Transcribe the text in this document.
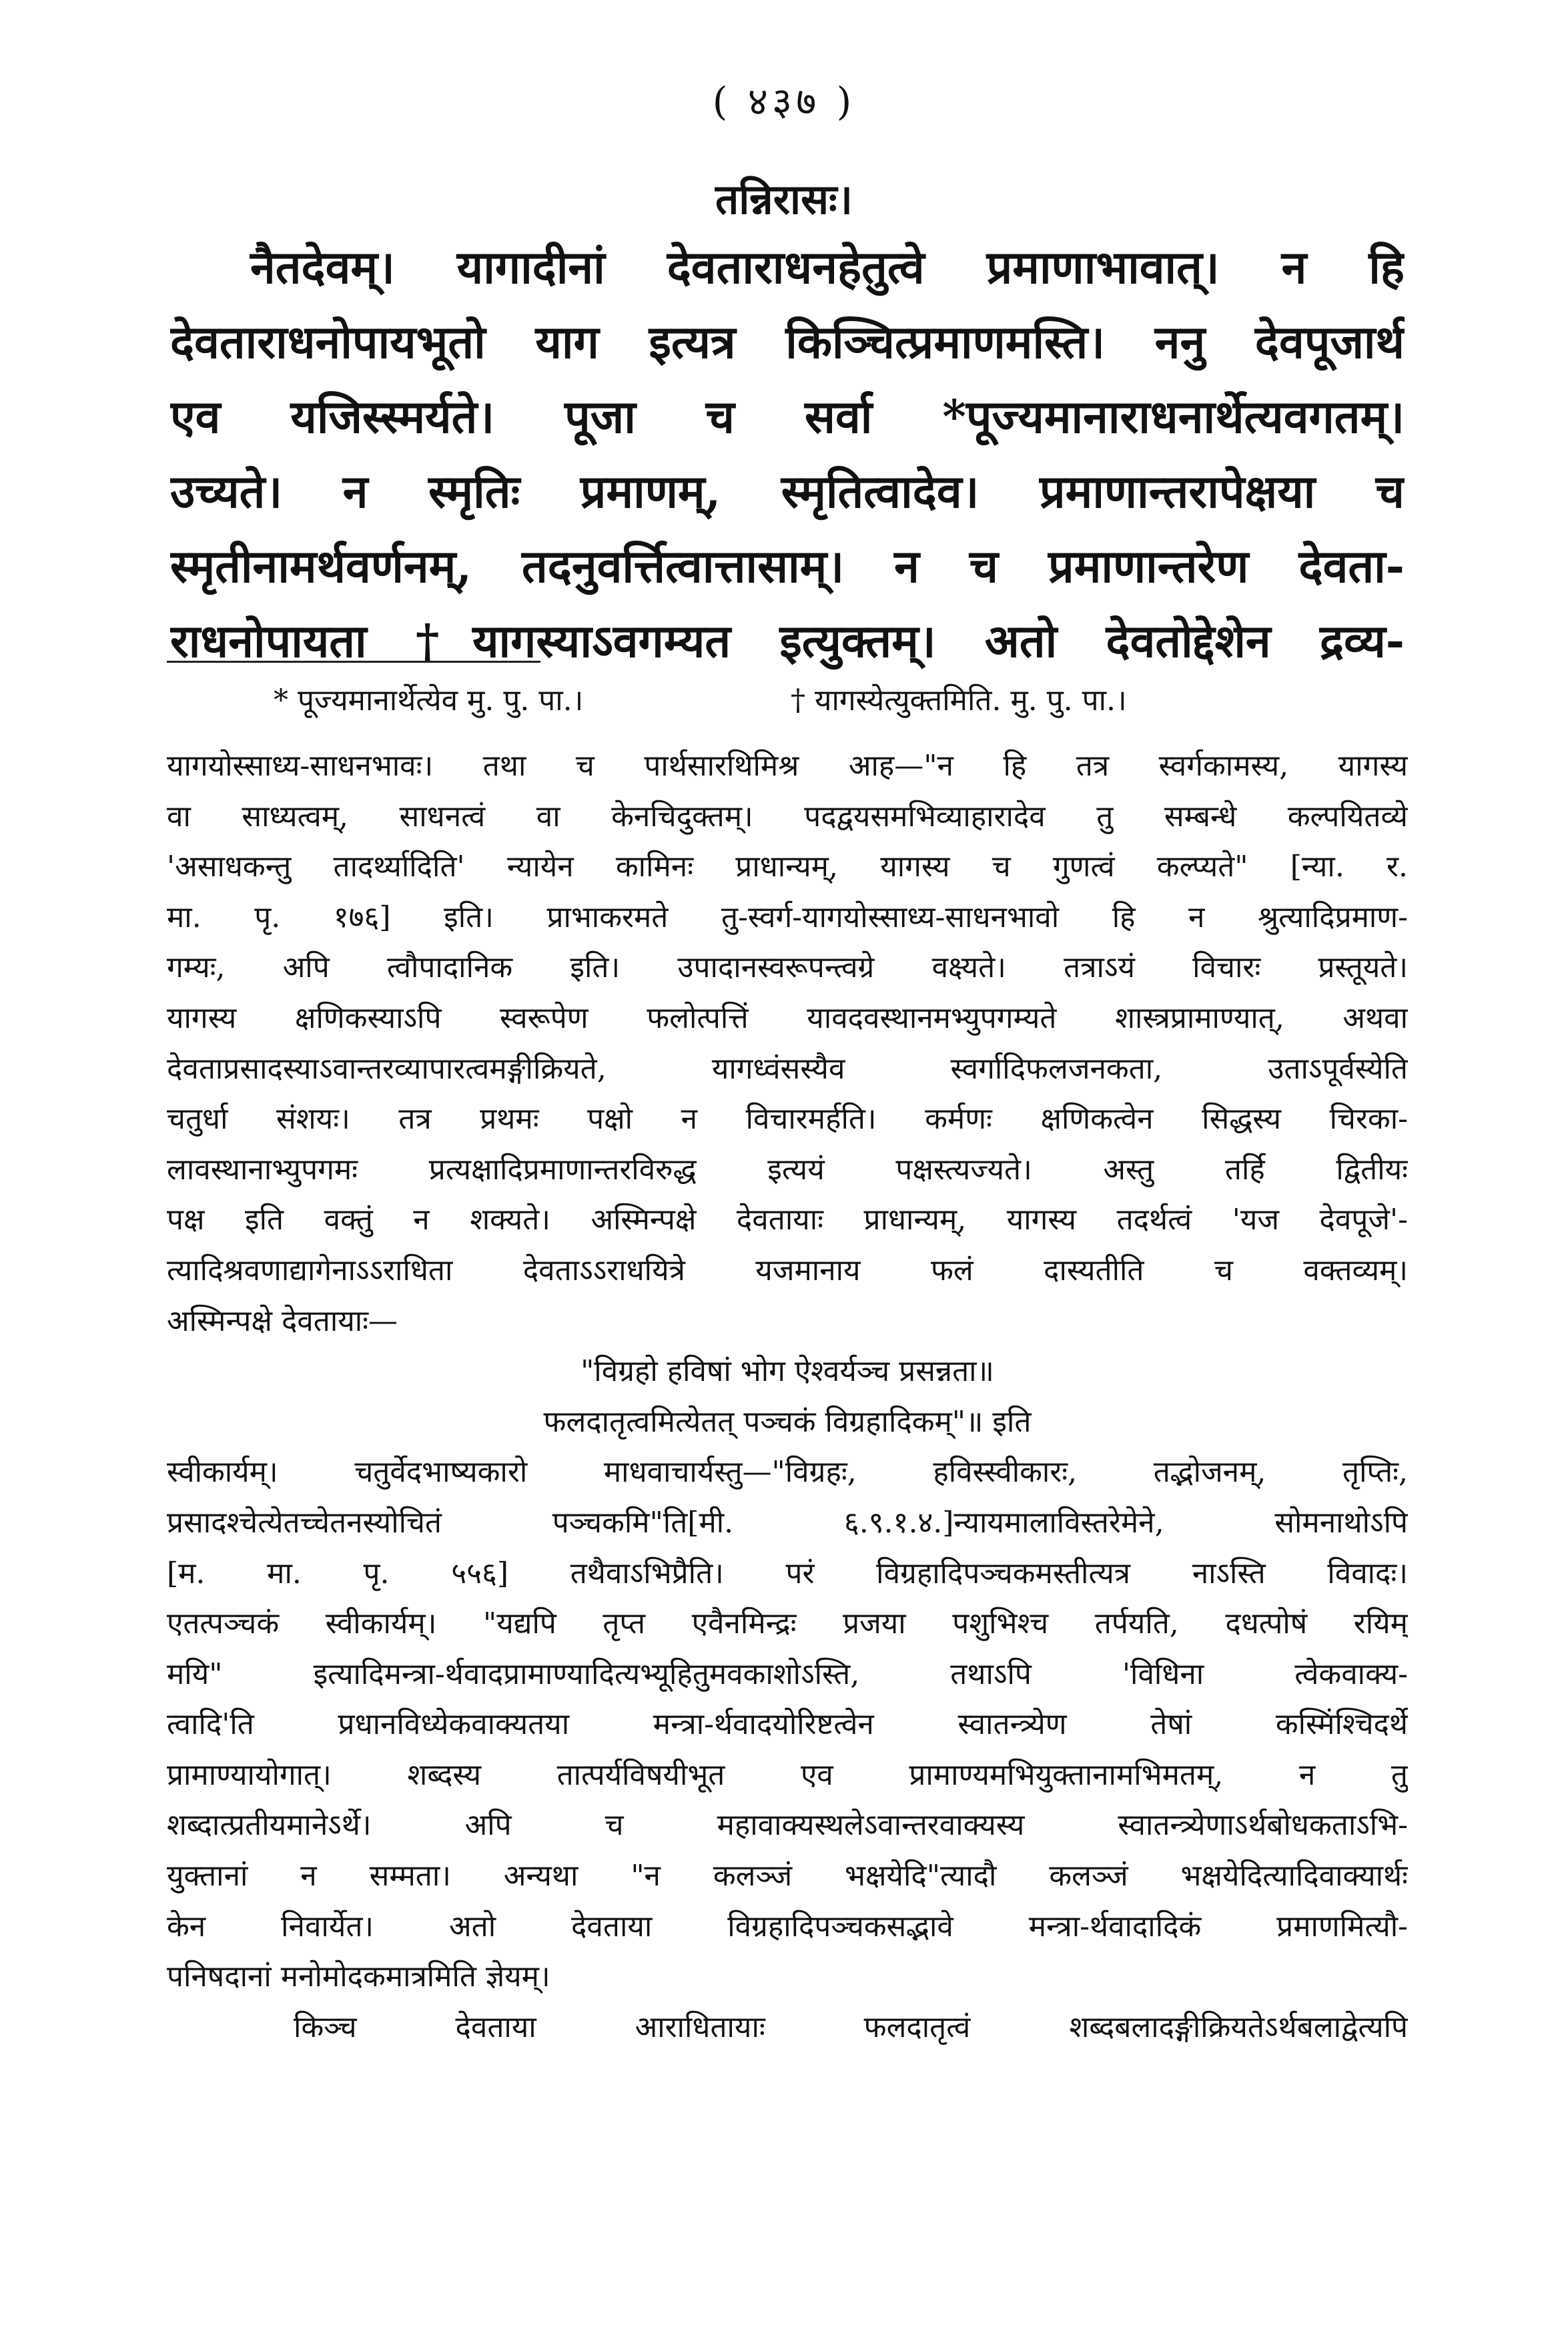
( ४३७ )
तन्निरासः।
नैतदेवम्। यागादीनां देवताराधनहेतुत्वे प्रमाणाभावात्। न हि
देवताराधनोपायभूतो याग इत्यत्र किञ्चित्प्रमाणमस्ति। ननु देवपूजार्थ
एव यजिस्स्मर्यते। पूजा च सर्वा *पूज्यमानाराधनार्थेत्यवगतम्।
उच्यते। न स्मृतिः प्रमाणम्, स्मृतित्वादेव। प्रमाणान्तरापेक्षया च
स्मृतीनामर्थवर्णनम्, तदनुवर्त्तित्वात्तासाम्। न च प्रमाणान्तरेण देवता-
राधनोपायता †यागस्याऽवगम्यत इत्युक्तम्। अतो देवतोद्देशेन द्रव्य-
* पूज्यमानार्थेत्येव मु. पु. पा.।	† यागस्येत्युक्तमिति. मु. पु. पा.।
यागयोस्साध्य-साधनभावः। तथा च पार्थसारथिमिश्र आह—"न हि तत्र स्वर्गकामस्य, यागस्य
वा साध्यत्वम्, साधनत्वं वा केनचिदुक्तम्। पदद्वयसमभिव्याहारादेव तु सम्बन्धे कल्पयितव्ये
'असाधकन्तु तादर्थ्यादिति' न्यायेन कामिनः प्राधान्यम्, यागस्य च गुणत्वं कल्प्यते" [न्या. र.
मा. पृ. १७६] इति। प्राभाकरमते तु-स्वर्ग-यागयोस्साध्य-साधनभावो हि न श्रुत्यादिप्रमाण-
गम्यः, अपि त्वौपादानिक इति। उपादानस्वरूपन्त्वग्रे वक्ष्यते। तत्राऽयं विचारः प्रस्तूयते।
यागस्य क्षणिकस्याऽपि स्वरूपेण फलोत्पत्तिं यावदवस्थानमभ्युपगम्यते शास्त्रप्रामाण्यात्, अथवा
देवताप्रसादस्याऽवान्तरव्यापारत्वमङ्गीक्रियते, यागध्वंसस्यैव स्वर्गादिफलजनकता, उताऽपूर्वस्येति
चतुर्धा संशयः। तत्र प्रथमः पक्षो न विचारमर्हति। कर्मणः क्षणिकत्वेन सिद्धस्य चिरका-
लावस्थानाभ्युपगमः प्रत्यक्षादिप्रमाणान्तरविरुद्ध इत्ययं पक्षस्त्यज्यते। अस्तु तर्हि द्वितीयः
पक्ष इति वक्तुं न शक्यते। अस्मिन्पक्षे देवतायाः प्राधान्यम्, यागस्य तदर्थत्वं 'यज देवपूजे'-
त्यादिश्रवणाद्यागेनाऽऽराधिता देवताऽऽराधयित्रे यजमानाय फलं दास्यतीति च वक्तव्यम्।
अस्मिन्पक्षे देवतायाः—
"विग्रहो हविषां भोग ऐश्वर्यञ्च प्रसन्नता॥
फलदातृत्वमित्येतत् पञ्चकं विग्रहादिकम्"॥ इति
स्वीकार्यम्। चतुर्वेदभाष्यकारो माधवाचार्यस्तु—"विग्रहः, हविस्स्वीकारः, तद्भोजनम्, तृप्तिः,
प्रसादश्चेत्येतच्चेतनस्योचितं पञ्चकमि"ति[मी. ६.९.१.४.]न्यायमालाविस्तरेमेने, सोमनाथोऽपि
[म. मा. पृ. ५५६] तथैवाऽभिप्रैति। परं विग्रहादिपञ्चकमस्तीत्यत्र नाऽस्ति विवादः।
एतत्पञ्चकं स्वीकार्यम्। "यद्यपि तृप्त एवैनमिन्द्रः प्रजया पशुभिश्च तर्पयति, दधत्पोषं रयिम्
मयि" इत्यादिमन्त्रा-र्थवादप्रामाण्यादित्यभ्यूहितुमवकाशोऽस्ति, तथाऽपि 'विधिना त्वेकवाक्य-
त्वादि'ति प्रधानविध्येकवाक्यतया मन्त्रा-र्थवादयोरिष्टत्वेन स्वातन्त्र्येण तेषां कस्मिंश्चिदर्थे
प्रामाण्यायोगात्। शब्दस्य तात्पर्यविषयीभूत एव प्रामाण्यमभियुक्तानामभिमतम्, न तु
शब्दात्प्रतीयमानेऽर्थे। अपि च महावाक्यस्थलेऽवान्तरवाक्यस्य स्वातन्त्र्येणाऽर्थबोधकताऽभि-
युक्तानां न सम्मता। अन्यथा "न कलञ्जं भक्षयेदि"त्यादौ कलञ्जं भक्षयेदित्यादिवाक्यार्थः
केन निवार्येत। अतो देवताया विग्रहादिपञ्चकसद्भावे मन्त्रा-र्थवादादिकं प्रमाणमित्यौ-
पनिषदानां मनोमोदकमात्रमिति ज्ञेयम्।
किञ्च देवताया आराधितायाः फलदातृत्वं शब्दबलादङ्गीक्रियतेऽर्थबलाद्वेत्यपि
